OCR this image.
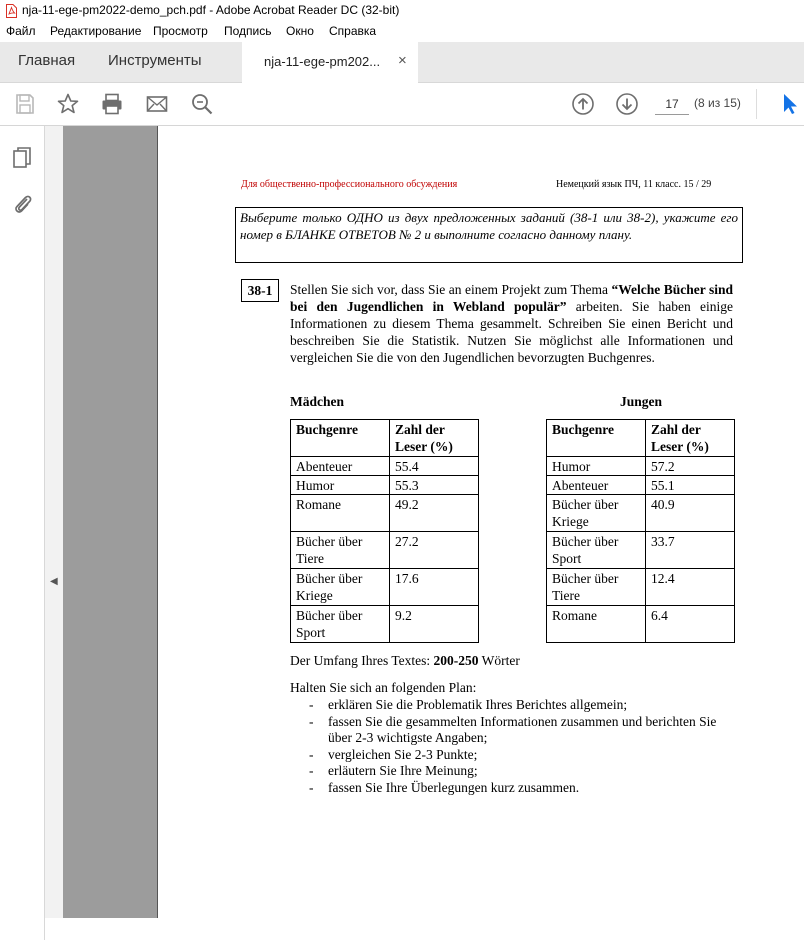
nja-11-ege-pm2022-demo_pch.pdf - Adobe Acrobat Reader DC (32-bit)
Файл Редактирование Просмотр Подпись Окно Справка
Главная Инструменты	nja-11-ege-pm202... ×
17	(8 из 15)
◀
Для общественно-профессионального обсуждения	Немецкий язык ПЧ, 11 класс. 15 / 29
Выберите только ОДНО из двух предложенных заданий (38-1 или 38-2), укажите его номер в БЛАНКЕ ОТВЕТОВ № 2 и выполните согласно данному плану.
38-1	Stellen Sie sich vor, dass Sie an einem Projekt zum Thema “Welche Bücher sind bei den Jugendlichen in Webland populär” arbeiten. Sie haben einige Informationen zu diesem Thema gesammelt. Schreiben Sie einen Bericht und beschreiben Sie die Statistik. Nutzen Sie möglichst alle Informationen und vergleichen Sie die von den Jugendlichen bevorzugten Buchgenres.
Mädchen	Jungen
Buchgenre	Zahl der Leser (%)
Abenteuer	55.4
Humor	55.3
Romane	49.2
Bücher über Tiere	27.2
Bücher über Kriege	17.6
Bücher über Sport	9.2
Buchgenre	Zahl der Leser (%)
Humor	57.2
Abenteuer	55.1
Bücher über Kriege	40.9
Bücher über Sport	33.7
Bücher über Tiere	12.4
Romane	6.4
Der Umfang Ihres Textes: 200-250 Wörter
Halten Sie sich an folgenden Plan:
- erklären Sie die Problematik Ihres Berichtes allgemein;
- fassen Sie die gesammelten Informationen zusammen und berichten Sie über 2-3 wichtigste Angaben;
- vergleichen Sie 2-3 Punkte;
- erläutern Sie Ihre Meinung;
- fassen Sie Ihre Überlegungen kurz zusammen.
